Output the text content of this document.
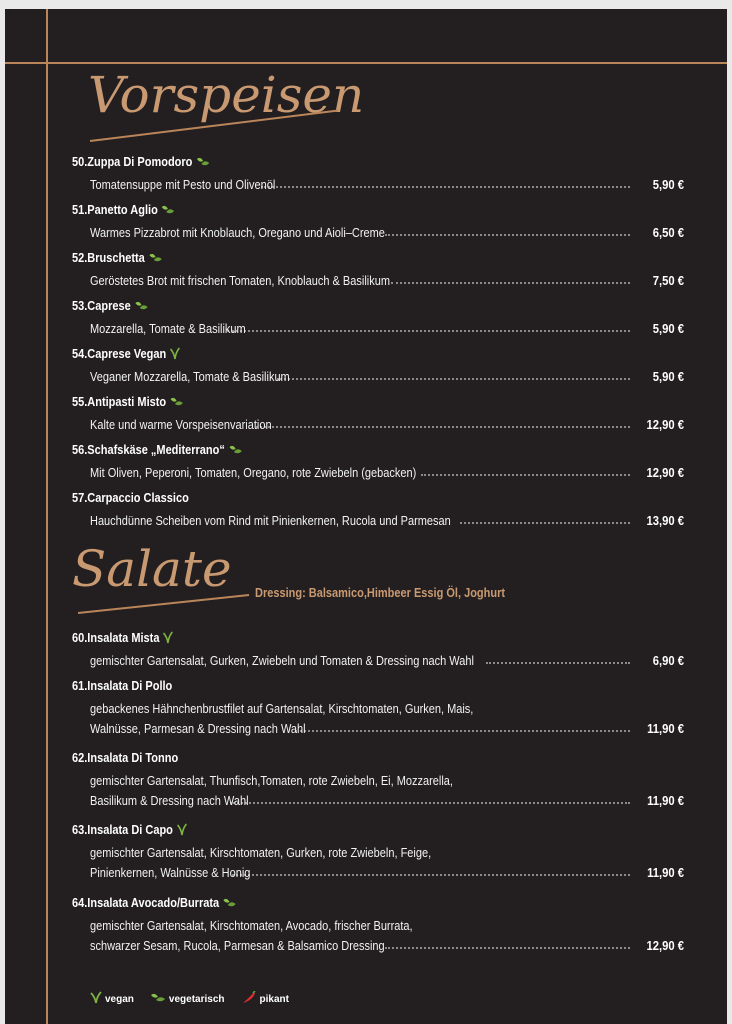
Vorspeisen
Salate Dressing: Balsamico,Himbeer Essig Öl, Joghurt
50.Zuppa Di Pomodoro
Tomatensuppe mit Pesto und Olivenöl	5,90 €
51.Panetto Aglio
Warmes Pizzabrot mit Knoblauch, Oregano und Aioli–Creme	6,50 €
52.Bruschetta
Geröstetes Brot mit frischen Tomaten, Knoblauch & Basilikum	7,50 €
53.Caprese
Mozzarella, Tomate & Basilikum	5,90 €
54.Caprese Vegan
Veganer Mozzarella, Tomate & Basilikum	5,90 €
55.Antipasti Misto
Kalte und warme Vorspeisenvariation	12,90 €
56.Schafskäse „Mediterrano“
Mit Oliven, Peperoni, Tomaten, Oregano, rote Zwiebeln (gebacken)	12,90 €
57.Carpaccio Classico
Hauchdünne Scheiben vom Rind mit Pinienkernen, Rucola und Parmesan	13,90 €
60.Insalata Mista
gemischter Gartensalat, Gurken, Zwiebeln und Tomaten & Dressing nach Wahl	6,90 €
61.Insalata Di Pollo
gebackenes Hähnchenbrustfilet auf Gartensalat, Kirschtomaten, Gurken, Mais,
Walnüsse, Parmesan & Dressing nach Wahl	11,90 €
62.Insalata Di Tonno
gemischter Gartensalat, Thunfisch,Tomaten, rote Zwiebeln, Ei, Mozzarella,
Basilikum & Dressing nach Wahl	11,90 €
63.Insalata Di Capo
gemischter Gartensalat, Kirschtomaten, Gurken, rote Zwiebeln, Feige,
Pinienkernen, Walnüsse & Honig	11,90 €
64.Insalata Avocado/Burrata
gemischter Gartensalat, Kirschtomaten, Avocado, frischer Burrata,
schwarzer Sesam, Rucola, Parmesan & Balsamico Dressing	12,90 €
vegan	vegetarisch	pikant
